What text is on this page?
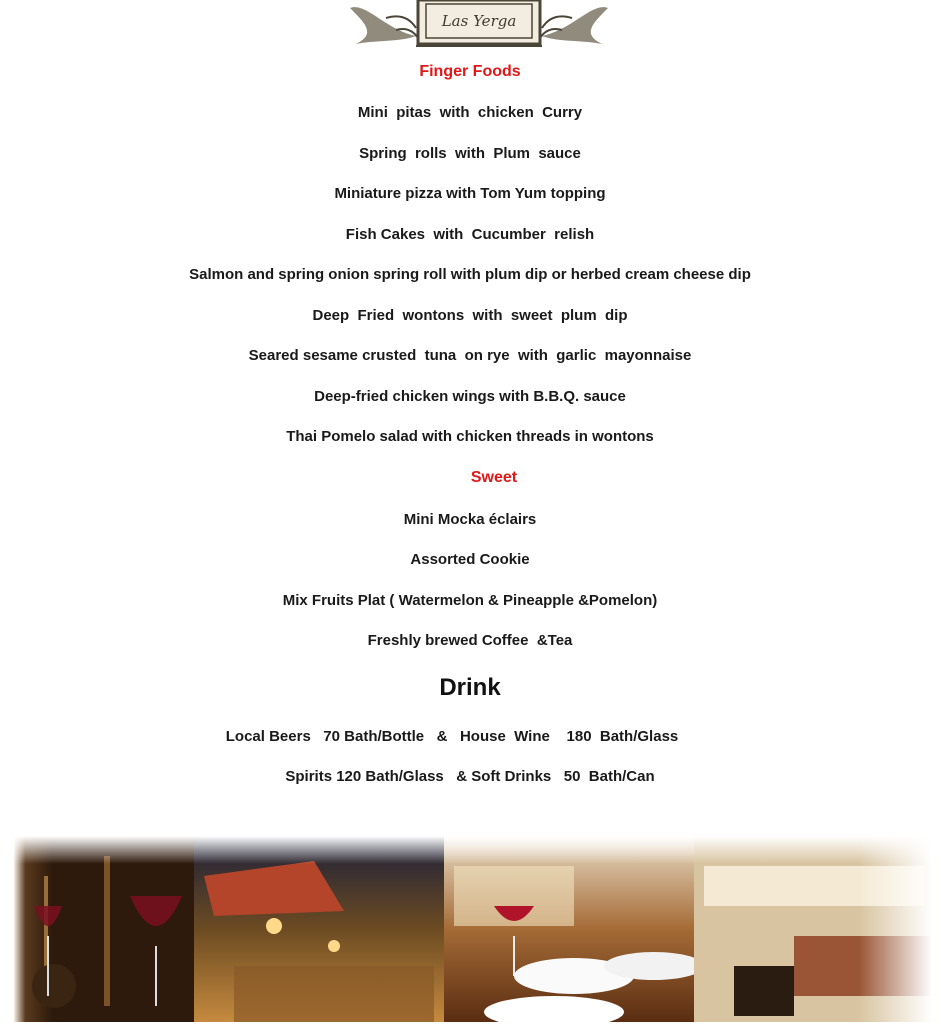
Las Yerga
Finger Foods
Mini  pitas  with  chicken  Curry
Spring  rolls  with  Plum  sauce
Miniature pizza with Tom Yum topping
Fish Cakes  with  Cucumber  relish
Salmon and spring onion spring roll with plum dip or herbed cream cheese dip
Deep  Fried  wontons  with  sweet  plum  dip
Seared sesame crusted  tuna  on rye  with  garlic  mayonnaise
Deep-fried chicken wings with B.B.Q. sauce
Thai Pomelo salad with chicken threads in wontons
Sweet
Mini Mocka éclairs
Assorted Cookie
Mix Fruits Plat ( Watermelon & Pineapple &Pomelon)
Freshly brewed Coffee  &Tea
Drink
Local Beers   70 Bath/Bottle   &   House  Wine    180  Bath/Glass
Spirits 120 Bath/Glass   & Soft Drinks   50  Bath/Can
